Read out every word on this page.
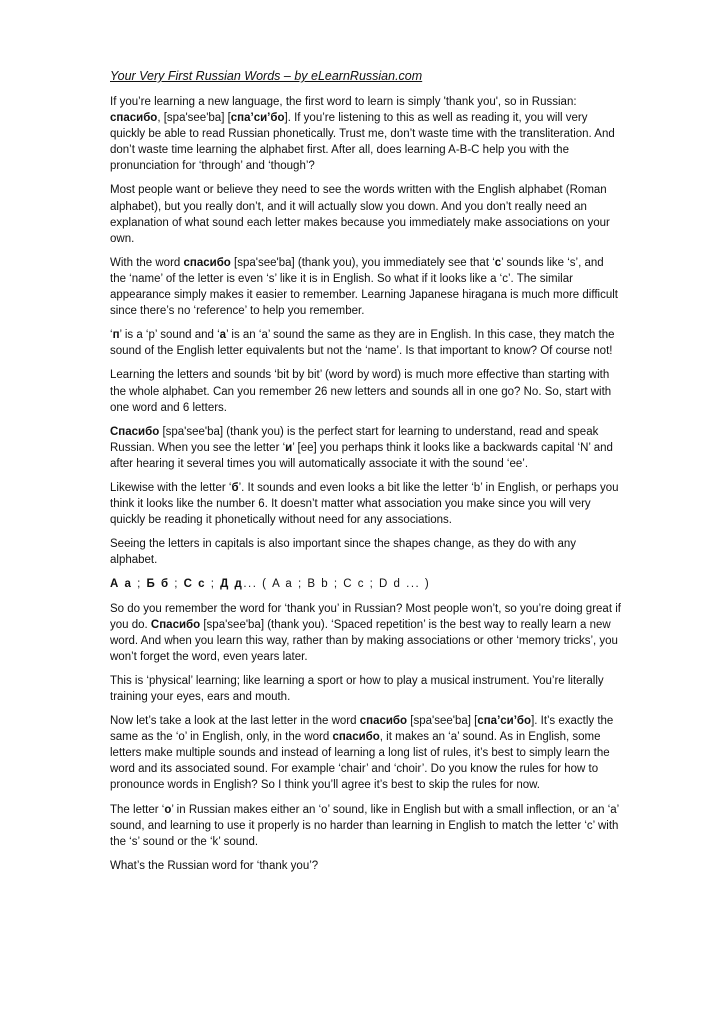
Your Very First Russian Words – by eLearnRussian.com

If you’re learning a new language, the first word to learn is simply 'thank you', so in Russian: спасибо, [spa'see'ba] [спа’си’бо]. If you’re listening to this as well as reading it, you will very quickly be able to read Russian phonetically. Trust me, don’t waste time with the transliteration. And don’t waste time learning the alphabet first. After all, does learning A-B-C help you with the pronunciation for ‘through’ and ‘though’?

Most people want or believe they need to see the words written with the English alphabet (Roman alphabet), but you really don’t, and it will actually slow you down. And you don’t really need an explanation of what sound each letter makes because you immediately make associations on your own.

With the word спасибо [spa'see'ba] (thank you), you immediately see that ‘с’ sounds like ‘s’, and the ‘name’ of the letter is even ‘s’ like it is in English. So what if it looks like a ‘c’. The similar appearance simply makes it easier to remember. Learning Japanese hiragana is much more difficult since there’s no ‘reference’ to help you remember.

‘п’ is a ‘p’ sound and ‘а’ is an ‘a’ sound the same as they are in English. In this case, they match the sound of the English letter equivalents but not the ‘name’. Is that important to know? Of course not!

Learning the letters and sounds ‘bit by bit’ (word by word) is much more effective than starting with the whole alphabet. Can you remember 26 new letters and sounds all in one go? No. So, start with one word and 6 letters.

Спасибо [spa'see'ba] (thank you) is the perfect start for learning to understand, read and speak Russian. When you see the letter ‘и’ [ee] you perhaps think it looks like a backwards capital ‘N’ and after hearing it several times you will automatically associate it with the sound ‘ee’.

Likewise with the letter ‘б’. It sounds and even looks a bit like the letter ‘b’ in English, or perhaps you think it looks like the number 6. It doesn’t matter what association you make since you will very quickly be reading it phonetically without need for any associations.

Seeing the letters in capitals is also important since the shapes change, as they do with any alphabet.

А а ; Б б ; С с ; Д д... ( A a ; B b ; C c ; D d ... )

So do you remember the word for ‘thank you’ in Russian? Most people won’t, so you’re doing great if you do. Спасибо [spa'see'ba] (thank you). ‘Spaced repetition’ is the best way to really learn a new word. And when you learn this way, rather than by making associations or other ‘memory tricks’, you won’t forget the word, even years later.

This is ‘physical’ learning; like learning a sport or how to play a musical instrument. You’re literally training your eyes, ears and mouth.

Now let’s take a look at the last letter in the word спасибо [spa'see'ba] [спа’си’бо]. It’s exactly the same as the ‘o’ in English, only, in the word спасибо, it makes an ‘a’ sound. As in English, some letters make multiple sounds and instead of learning a long list of rules, it’s best to simply learn the word and its associated sound. For example ‘chair’ and ‘choir’. Do you know the rules for how to pronounce words in English? So I think you’ll agree it’s best to skip the rules for now.

The letter ‘о’ in Russian makes either an ‘o’ sound, like in English but with a small inflection, or an ‘a’ sound, and learning to use it properly is no harder than learning in English to match the letter ‘c’ with the ‘s’ sound or the ‘k’ sound.

What’s the Russian word for ‘thank you’?
